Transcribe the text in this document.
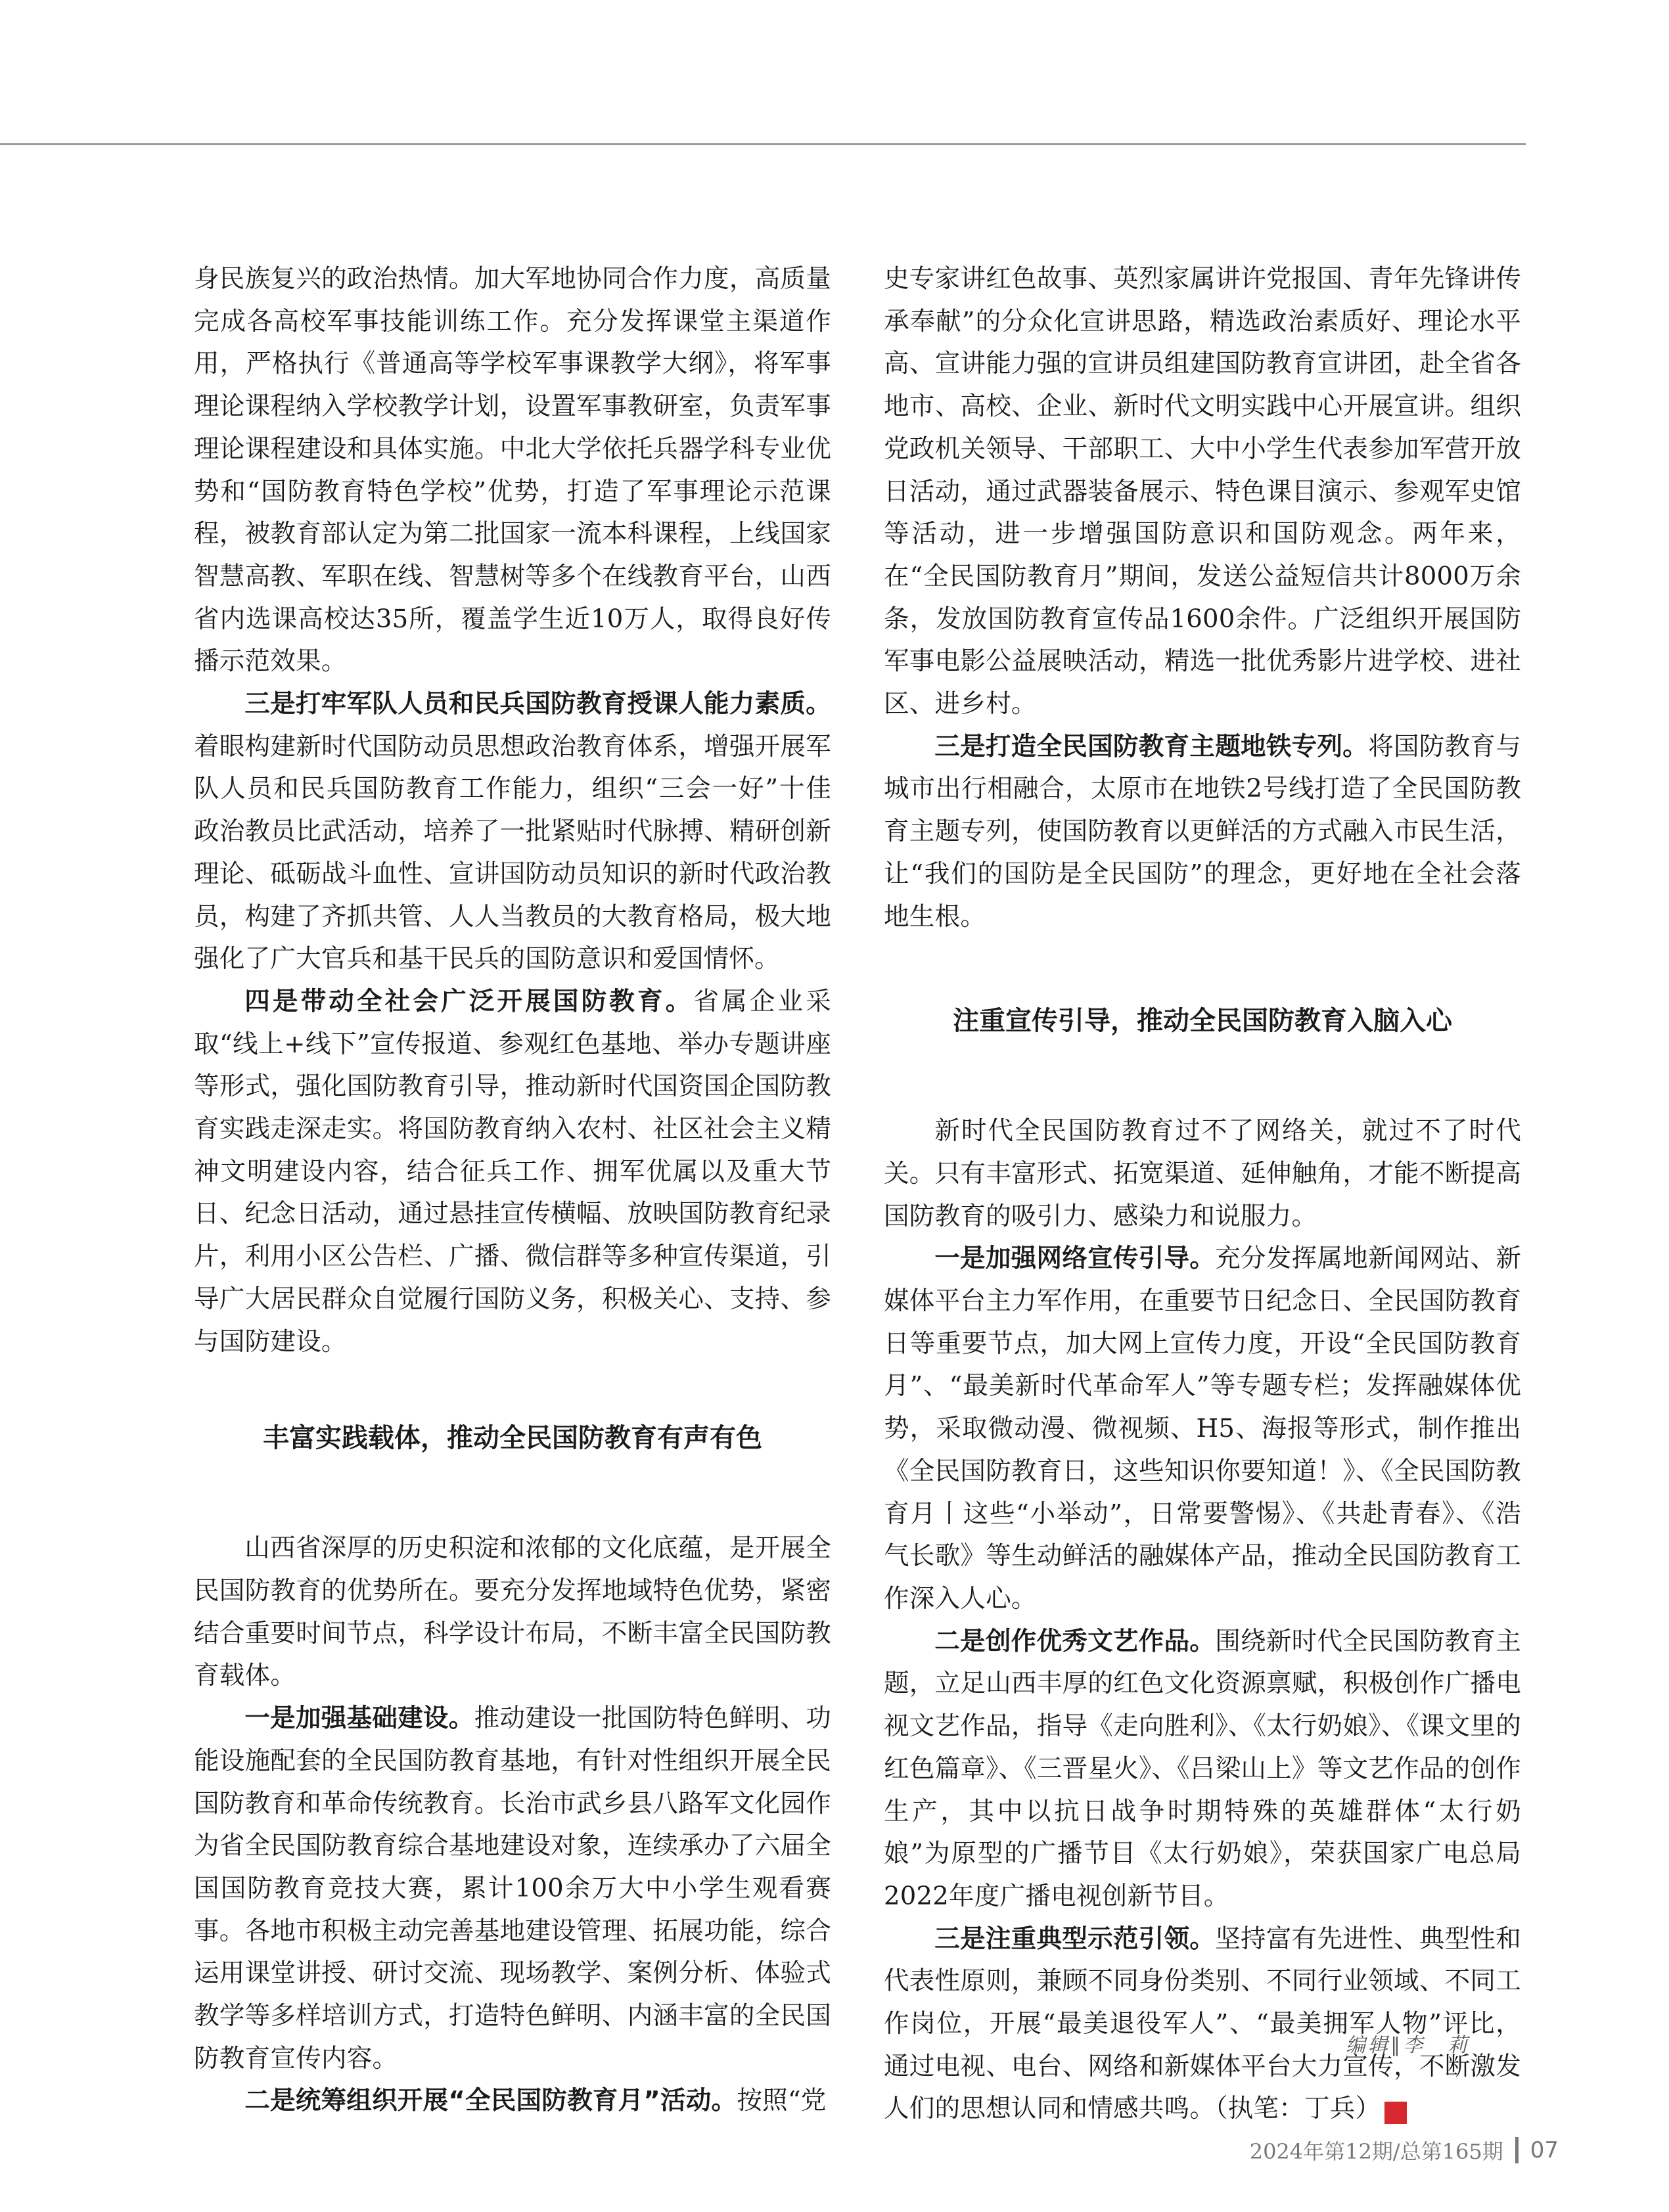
身民族复兴的政治热情。加大军地协同合作力度，高质量完成各高校军事技能训练工作。充分发挥课堂主渠道作用，严格执行《普通高等学校军事课教学大纲》，将军事理论课程纳入学校教学计划，设置军事教研室，负责军事理论课程建设和具体实施。中北大学依托兵器学科专业优势和“国防教育特色学校”优势，打造了军事理论示范课程，被教育部认定为第二批国家一流本科课程，上线国家智慧高教、军职在线、智慧树等多个在线教育平台，山西省内选课高校达35所，覆盖学生近10万人，取得良好传播示范效果。

三是打牢军队人员和民兵国防教育授课人能力素质。着眼构建新时代国防动员思想政治教育体系，增强开展军队人员和民兵国防教育工作能力，组织“三会一好”十佳政治教员比武活动，培养了一批紧贴时代脉搏、精研创新理论、砥砺战斗血性、宣讲国防动员知识的新时代政治教员，构建了齐抓共管、人人当教员的大教育格局，极大地强化了广大官兵和基干民兵的国防意识和爱国情怀。

四是带动全社会广泛开展国防教育。省属企业采取“线上+线下”宣传报道、参观红色基地、举办专题讲座等形式，强化国防教育引导，推动新时代国资国企国防教育实践走深走实。将国防教育纳入农村、社区社会主义精神文明建设内容，结合征兵工作、拥军优属以及重大节日、纪念日活动，通过悬挂宣传横幅、放映国防教育纪录片，利用小区公告栏、广播、微信群等多种宣传渠道，引导广大居民群众自觉履行国防义务，积极关心、支持、参与国防建设。

丰富实践载体，推动全民国防教育有声有色

山西省深厚的历史积淀和浓郁的文化底蕴，是开展全民国防教育的优势所在。要充分发挥地域特色优势，紧密结合重要时间节点，科学设计布局，不断丰富全民国防教育载体。

一是加强基础建设。推动建设一批国防特色鲜明、功能设施配套的全民国防教育基地，有针对性组织开展全民国防教育和革命传统教育。长治市武乡县八路军文化园作为省全民国防教育综合基地建设对象，连续承办了六届全国国防教育竞技大赛，累计100余万大中小学生观看赛事。各地市积极主动完善基地建设管理、拓展功能，综合运用课堂讲授、研讨交流、现场教学、案例分析、体验式教学等多样培训方式，打造特色鲜明、内涵丰富的全民国防教育宣传内容。

二是统筹组织开展“全民国防教育月”活动。按照“党

史专家讲红色故事、英烈家属讲许党报国、青年先锋讲传承奉献”的分众化宣讲思路，精选政治素质好、理论水平高、宣讲能力强的宣讲员组建国防教育宣讲团，赴全省各地市、高校、企业、新时代文明实践中心开展宣讲。组织党政机关领导、干部职工、大中小学生代表参加军营开放日活动，通过武器装备展示、特色课目演示、参观军史馆等活动，进一步增强国防意识和国防观念。两年来，在“全民国防教育月”期间，发送公益短信共计8000万余条，发放国防教育宣传品1600余件。广泛组织开展国防军事电影公益展映活动，精选一批优秀影片进学校、进社区、进乡村。

三是打造全民国防教育主题地铁专列。将国防教育与城市出行相融合，太原市在地铁2号线打造了全民国防教育主题专列，使国防教育以更鲜活的方式融入市民生活，让“我们的国防是全民国防”的理念，更好地在全社会落地生根。

注重宣传引导，推动全民国防教育入脑入心

新时代全民国防教育过不了网络关，就过不了时代关。只有丰富形式、拓宽渠道、延伸触角，才能不断提高国防教育的吸引力、感染力和说服力。

一是加强网络宣传引导。充分发挥属地新闻网站、新媒体平台主力军作用，在重要节日纪念日、全民国防教育日等重要节点，加大网上宣传力度，开设“全民国防教育月”、“最美新时代革命军人”等专题专栏；发挥融媒体优势，采取微动漫、微视频、H5、海报等形式，制作推出《全民国防教育日，这些知识你要知道！》、《全民国防教育月丨这些“小举动”，日常要警惕》、《共赴青春》、《浩气长歌》等生动鲜活的融媒体产品，推动全民国防教育工作深入人心。

二是创作优秀文艺作品。围绕新时代全民国防教育主题，立足山西丰厚的红色文化资源禀赋，积极创作广播电视文艺作品，指导《走向胜利》、《太行奶娘》、《课文里的红色篇章》、《三晋星火》、《吕梁山上》等文艺作品的创作生产，其中以抗日战争时期特殊的英雄群体“太行奶娘”为原型的广播节目《太行奶娘》，荣获国家广电总局2022年度广播电视创新节目。

三是注重典型示范引领。坚持富有先进性、典型性和代表性原则，兼顾不同身份类别、不同行业领域、不同工作岗位，开展“最美退役军人”、“最美拥军人物”评比，通过电视、电台、网络和新媒体平台大力宣传，不断激发人们的思想认同和情感共鸣。（执笔：丁兵）	G

编辑∥李　莉
2024年第12期/总第165期 07
